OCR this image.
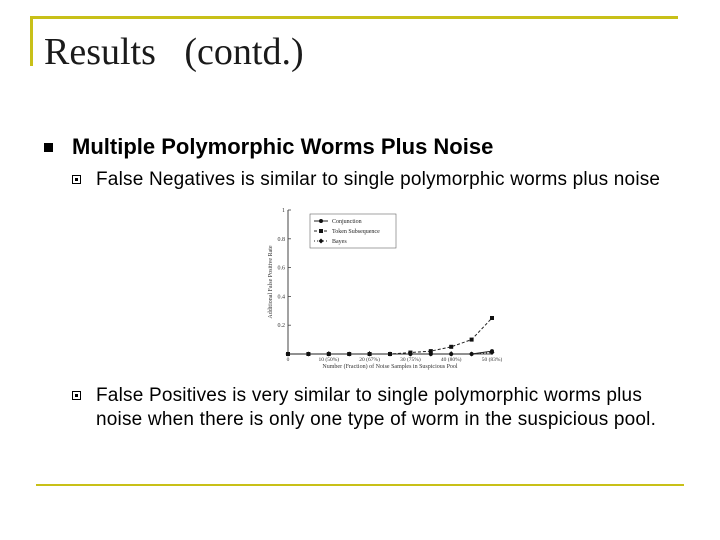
Results   (contd.)
Multiple Polymorphic Worms Plus Noise
False Negatives is similar to single polymorphic worms plus noise
0.2
0.4
0.6
0.8
1
0	10 (50%)	20 (67%)	30 (75%)	40 (80%)	50 (83%)
Additional False Positive Rate
Number (Fraction) of Noise Samples in Suspicious Pool
Conjunction
Token Subsequence
Bayes
False Positives is very similar to single polymorphic worms plus noise when there is only one type of worm in the suspicious pool.
